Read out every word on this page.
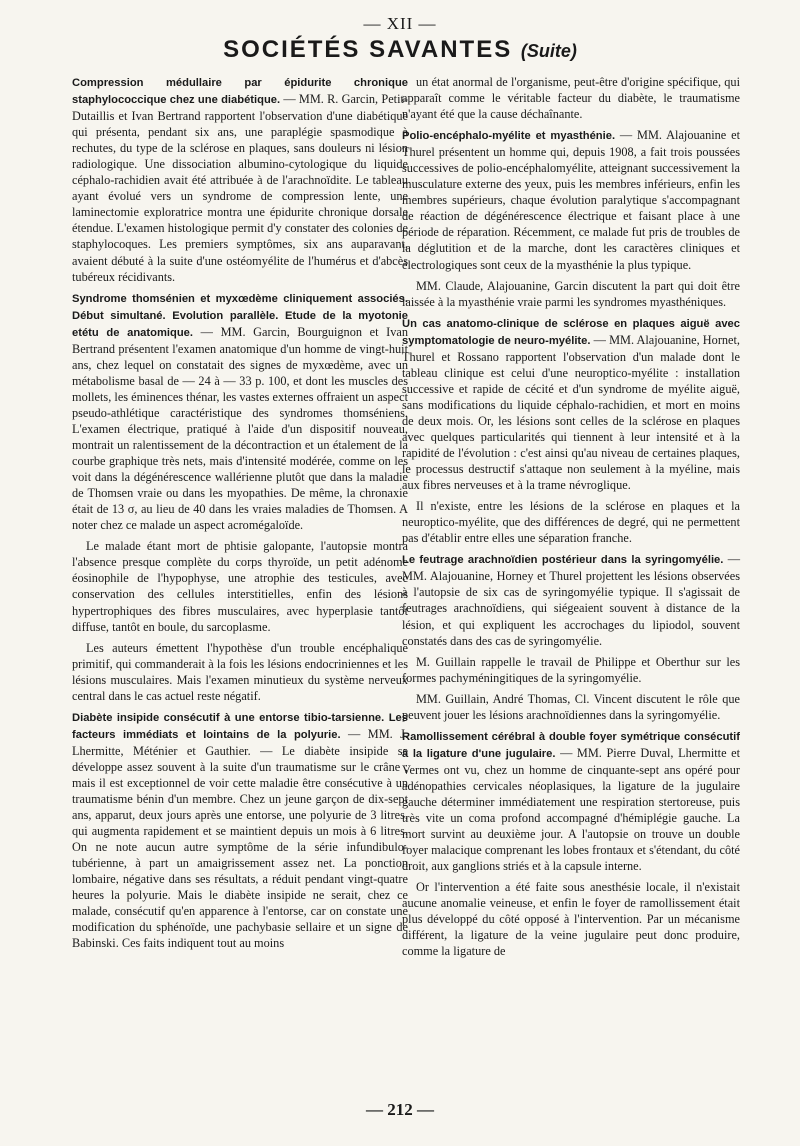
— XII —
SOCIÉTÉS SAVANTES (Suite)

Compression médullaire par épidurite chronique staphylococcique chez une diabétique. — MM. R. Garcin, Petit-Dutaillis et Ivan Bertrand rapportent l'observation d'une diabétique qui présenta, pendant six ans, une paraplégie spasmodique à rechutes, du type de la sclérose en plaques, sans douleurs ni lésion radiologique. Une dissociation albumino-cytologique du liquide céphalo-rachidien avait été attribuée à de l'arachnoïdite. Le tableau ayant évolué vers un syndrome de compression lente, une laminectomie exploratrice montra une épidurite chronique dorsale étendue. L'examen histologique permit d'y constater des colonies de staphylocoques. Les premiers symptômes, six ans auparavant, avaient débuté à la suite d'une ostéomyélite de l'humérus et d'abcès tubéreux récidivants.

Syndrome thomsénien et myxœdème cliniquement associés. Début simultané. Evolution parallèle. Etude de la myotonie etétu de anatomique. — MM. Garcin, Bourguignon et Ivan Bertrand présentent l'examen anatomique d'un homme de vingt-huit ans, chez lequel on constatait des signes de myxœdème, avec un métabolisme basal de — 24 à — 33 p. 100, et dont les muscles des mollets, les éminences thénar, les vastes externes offraient un aspect pseudo-athlétique caractéristique des syndromes thomséniens. L'examen électrique, pratiqué à l'aide d'un dispositif nouveau, montrait un ralentissement de la décontraction et un étalement de la courbe graphique très nets, mais d'intensité modérée, comme on les voit dans la dégénérescence wallérienne plutôt que dans la maladie de Thomsen vraie ou dans les myopathies. De même, la chronaxie était de 13 σ, au lieu de 40 dans les vraies maladies de Thomsen. A noter chez ce malade un aspect acromégaloïde.

Le malade étant mort de phtisie galopante, l'autopsie montra l'absence presque complète du corps thyroïde, un petit adénome éosinophile de l'hypophyse, une atrophie des testicules, avec conservation des cellules interstitielles, enfin des lésions hypertrophiques des fibres musculaires, avec hyperplasie tantôt diffuse, tantôt en boule, du sarcoplasme.

Les auteurs émettent l'hypothèse d'un trouble encéphalique primitif, qui commanderait à la fois les lésions endocriniennes et les lésions musculaires. Mais l'examen minutieux du système nerveux central dans le cas actuel reste négatif.

Diabète insipide consécutif à une entorse tibio-tarsienne. Les facteurs immédiats et lointains de la polyurie. — MM. J. Lhermitte, Méténier et Gauthier. — Le diabète insipide se développe assez souvent à la suite d'un traumatisme sur le crâne ; mais il est exceptionnel de voir cette maladie être consécutive à un traumatisme bénin d'un membre. Chez un jeune garçon de dix-sept ans, apparut, deux jours après une entorse, une polyurie de 3 litres, qui augmenta rapidement et se maintient depuis un mois à 6 litres. On ne note aucun autre symptôme de la série infundibulo-tubérienne, à part un amaigrissement assez net. La ponction lombaire, négative dans ses résultats, a réduit pendant vingt-quatre heures la polyurie. Mais le diabète insipide ne serait, chez ce malade, consécutif qu'en apparence à l'entorse, car on constate une modification du sphénoïde, une pachybasie sellaire et un signe de Babinski. Ces faits indiquent tout au moins

un état anormal de l'organisme, peut-être d'origine spécifique, qui apparaît comme le véritable facteur du diabète, le traumatisme n'ayant été que la cause déchaînante.

Polio-encéphalo-myélite et myasthénie. — MM. Alajouanine et Thurel présentent un homme qui, depuis 1908, a fait trois poussées successives de polio-encéphalomyélite, atteignant successivement la musculature externe des yeux, puis les membres inférieurs, enfin les membres supérieurs, chaque évolution paralytique s'accompagnant de réaction de dégénérescence électrique et faisant place à une période de réparation. Récemment, ce malade fut pris de troubles de la déglutition et de la marche, dont les caractères cliniques et électrologiques sont ceux de la myasthénie la plus typique.

MM. Claude, Alajouanine, Garcin discutent la part qui doit être laissée à la myasthénie vraie parmi les syndromes myasthéniques.

Un cas anatomo-clinique de sclérose en plaques aiguë avec symptomatologie de neuro-myélite. — MM. Alajouanine, Hornet, Thurel et Rossano rapportent l'observation d'un malade dont le tableau clinique est celui d'une neuroptico-myélite : installation successive et rapide de cécité et d'un syndrome de myélite aiguë, sans modifications du liquide céphalo-rachidien, et mort en moins de deux mois. Or, les lésions sont celles de la sclérose en plaques avec quelques particularités qui tiennent à leur intensité et à la rapidité de l'évolution : c'est ainsi qu'au niveau de certaines plaques, le processus destructif s'attaque non seulement à la myéline, mais aux fibres nerveuses et à la trame névroglique.

Il n'existe, entre les lésions de la sclérose en plaques et la neuroptico-myélite, que des différences de degré, qui ne permettent pas d'établir entre elles une séparation franche.

Le feutrage arachnoïdien postérieur dans la syringomyélie. — MM. Alajouanine, Horney et Thurel projettent les lésions observées à l'autopsie de six cas de syringomyélie typique. Il s'agissait de feutrages arachnoïdiens, qui siégeaient souvent à distance de la lésion, et qui expliquent les accrochages du lipiodol, souvent constatés dans des cas de syringomyélie.

M. Guillain rappelle le travail de Philippe et Oberthur sur les formes pachyméningitiques de la syringomyélie.

MM. Guillain, André Thomas, Cl. Vincent discutent le rôle que peuvent jouer les lésions arachnoïdiennes dans la syringomyélie.

Ramollissement cérébral à double foyer symétrique consécutif à la ligature d'une jugulaire. — MM. Pierre Duval, Lhermitte et Vermes ont vu, chez un homme de cinquante-sept ans opéré pour adénopathies cervicales néoplasiques, la ligature de la jugulaire gauche déterminer immédiatement une respiration stertoreuse, puis très vite un coma profond accompagné d'hémiplégie gauche. La mort survint au deuxième jour. A l'autopsie on trouve un double foyer malacique comprenant les lobes frontaux et s'étendant, du côté droit, aux ganglions striés et à la capsule interne.

Or l'intervention a été faite sous anesthésie locale, il n'existait aucune anomalie veineuse, et enfin le foyer de ramollissement était plus développé du côté opposé à l'intervention. Par un mécanisme différent, la ligature de la veine jugulaire peut donc produire, comme la ligature de

— 212 —
